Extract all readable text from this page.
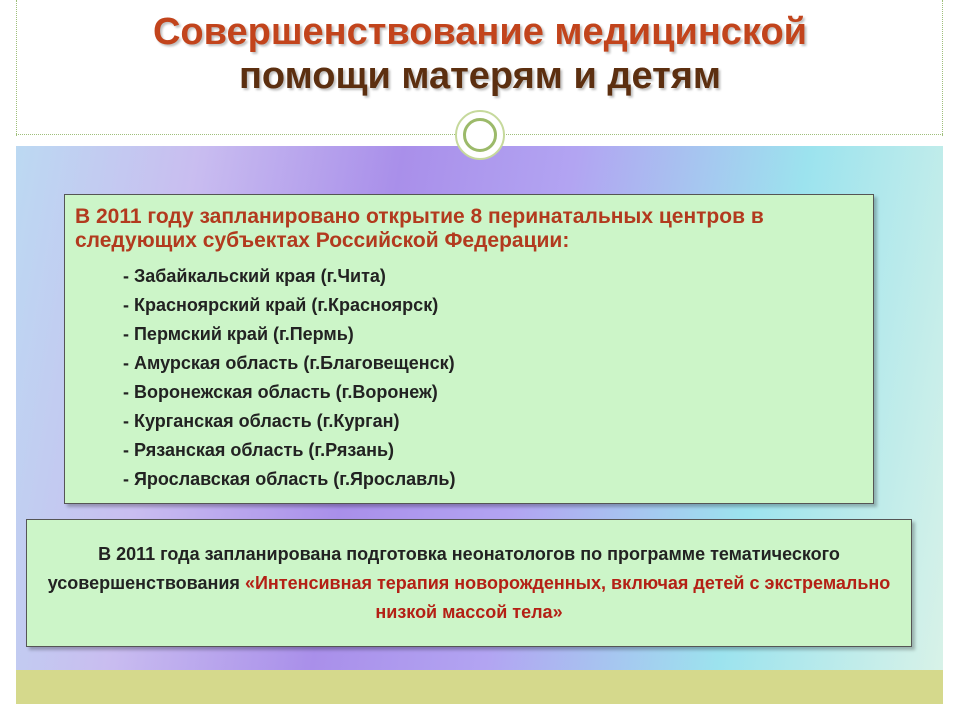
Совершенствование медицинской
помощи матерям и детям
В 2011 году запланировано открытие 8 перинатальных центров в следующих субъектах Российской Федерации:
- Забайкальский края (г.Чита)
- Красноярский край (г.Красноярск)
- Пермский край (г.Пермь)
- Амурская область (г.Благовещенск)
- Воронежская область (г.Воронеж)
- Курганская область (г.Курган)
- Рязанская область (г.Рязань)
- Ярославская область (г.Ярославль)
В 2011 года запланирована подготовка неонатологов по программе тематического усовершенствования «Интенсивная терапия новорожденных, включая детей с экстремально низкой массой тела»
